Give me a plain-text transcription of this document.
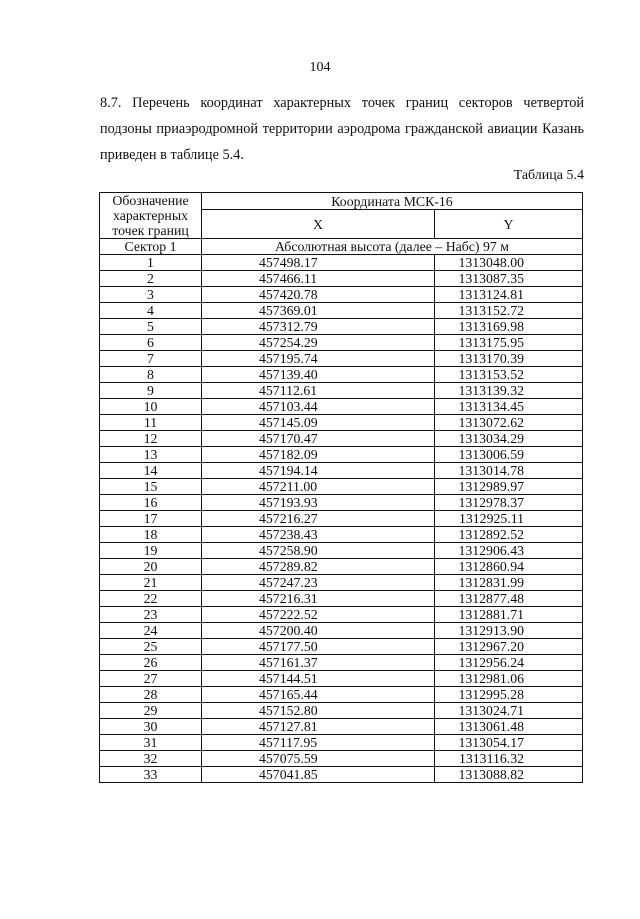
104

8.7. Перечень координат характерных точек границ секторов четвертой

подзоны приаэродромной территории аэродрома гражданской авиации Казань

приведен в таблице 5.4.

Таблица 5.4
Обозначение
характерных
точек границ	Координата МСК-16	
	X	Y
Сектор 1	Абсолютная высота (далее – Набс) 97 м	
1	457498.17	1313048.00
2	457466.11	1313087.35
3	457420.78	1313124.81
4	457369.01	1313152.72
5	457312.79	1313169.98
6	457254.29	1313175.95
7	457195.74	1313170.39
8	457139.40	1313153.52
9	457112.61	1313139.32
10	457103.44	1313134.45
11	457145.09	1313072.62
12	457170.47	1313034.29
13	457182.09	1313006.59
14	457194.14	1313014.78
15	457211.00	1312989.97
16	457193.93	1312978.37
17	457216.27	1312925.11
18	457238.43	1312892.52
19	457258.90	1312906.43
20	457289.82	1312860.94
21	457247.23	1312831.99
22	457216.31	1312877.48
23	457222.52	1312881.71
24	457200.40	1312913.90
25	457177.50	1312967.20
26	457161.37	1312956.24
27	457144.51	1312981.06
28	457165.44	1312995.28
29	457152.80	1313024.71
30	457127.81	1313061.48
31	457117.95	1313054.17
32	457075.59	1313116.32
33	457041.85	1313088.82
